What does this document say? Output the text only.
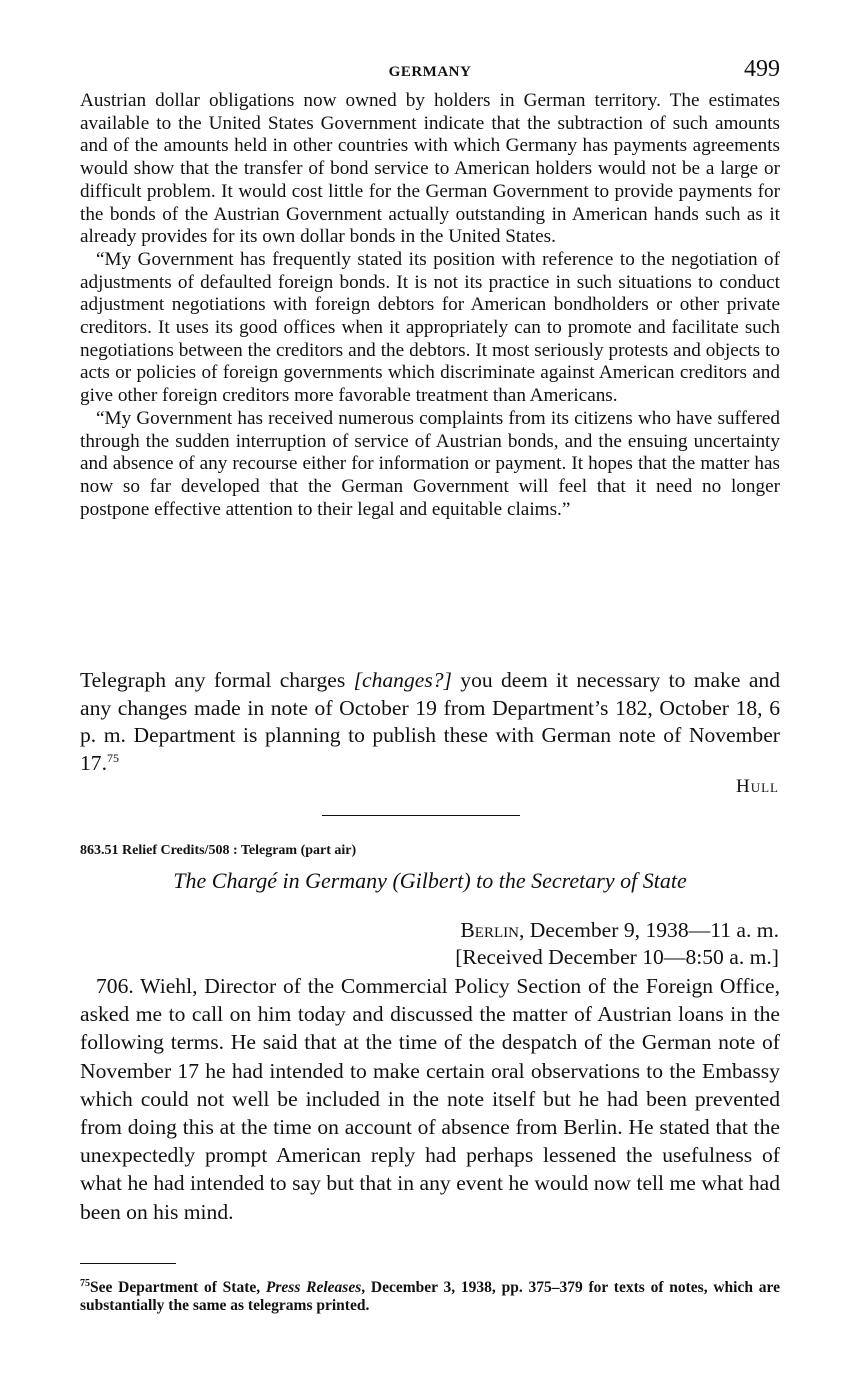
GERMANY	499

Austrian dollar obligations now owned by holders in German territory. The estimates available to the United States Government indicate that the subtraction of such amounts and of the amounts held in other countries with which Germany has payments agreements would show that the transfer of bond service to American holders would not be a large or difficult problem. It would cost little for the German Government to provide payments for the bonds of the Austrian Government actually outstanding in American hands such as it already provides for its own dollar bonds in the United States.

“My Government has frequently stated its position with reference to the negotiation of adjustments of defaulted foreign bonds. It is not its practice in such situations to conduct adjustment negotiations with foreign debtors for American bondholders or other private creditors. It uses its good offices when it appropriately can to promote and facilitate such negotiations between the creditors and the debtors. It most seriously protests and objects to acts or policies of foreign governments which discriminate against American creditors and give other foreign creditors more favorable treatment than Americans.

“My Government has received numerous complaints from its citizens who have suffered through the sudden interruption of service of Austrian bonds, and the ensuing uncertainty and absence of any recourse either for information or payment. It hopes that the matter has now so far developed that the German Government will feel that it need no longer postpone effective attention to their legal and equitable claims.”

Telegraph any formal charges [changes?] you deem it necessary to make and any changes made in note of October 19 from Department’s 182, October 18, 6 p. m. Department is planning to publish these with German note of November 17.75

Hull
863.51 Relief Credits/508 : Telegram (part air)
The Chargé in Germany (Gilbert) to the Secretary of State
Berlin, December 9, 1938—11 a. m.
[Received December 10—8:50 a. m.]

706. Wiehl, Director of the Commercial Policy Section of the Foreign Office, asked me to call on him today and discussed the matter of Austrian loans in the following terms. He said that at the time of the despatch of the German note of November 17 he had intended to make certain oral observations to the Embassy which could not well be included in the note itself but he had been prevented from doing this at the time on account of absence from Berlin. He stated that the unexpectedly prompt American reply had perhaps lessened the usefulness of what he had intended to say but that in any event he would now tell me what had been on his mind.

$^{75}$See Department of State, Press Releases, December 3, 1938, pp. 375–379 for texts of notes, which are substantially the same as telegrams printed.
